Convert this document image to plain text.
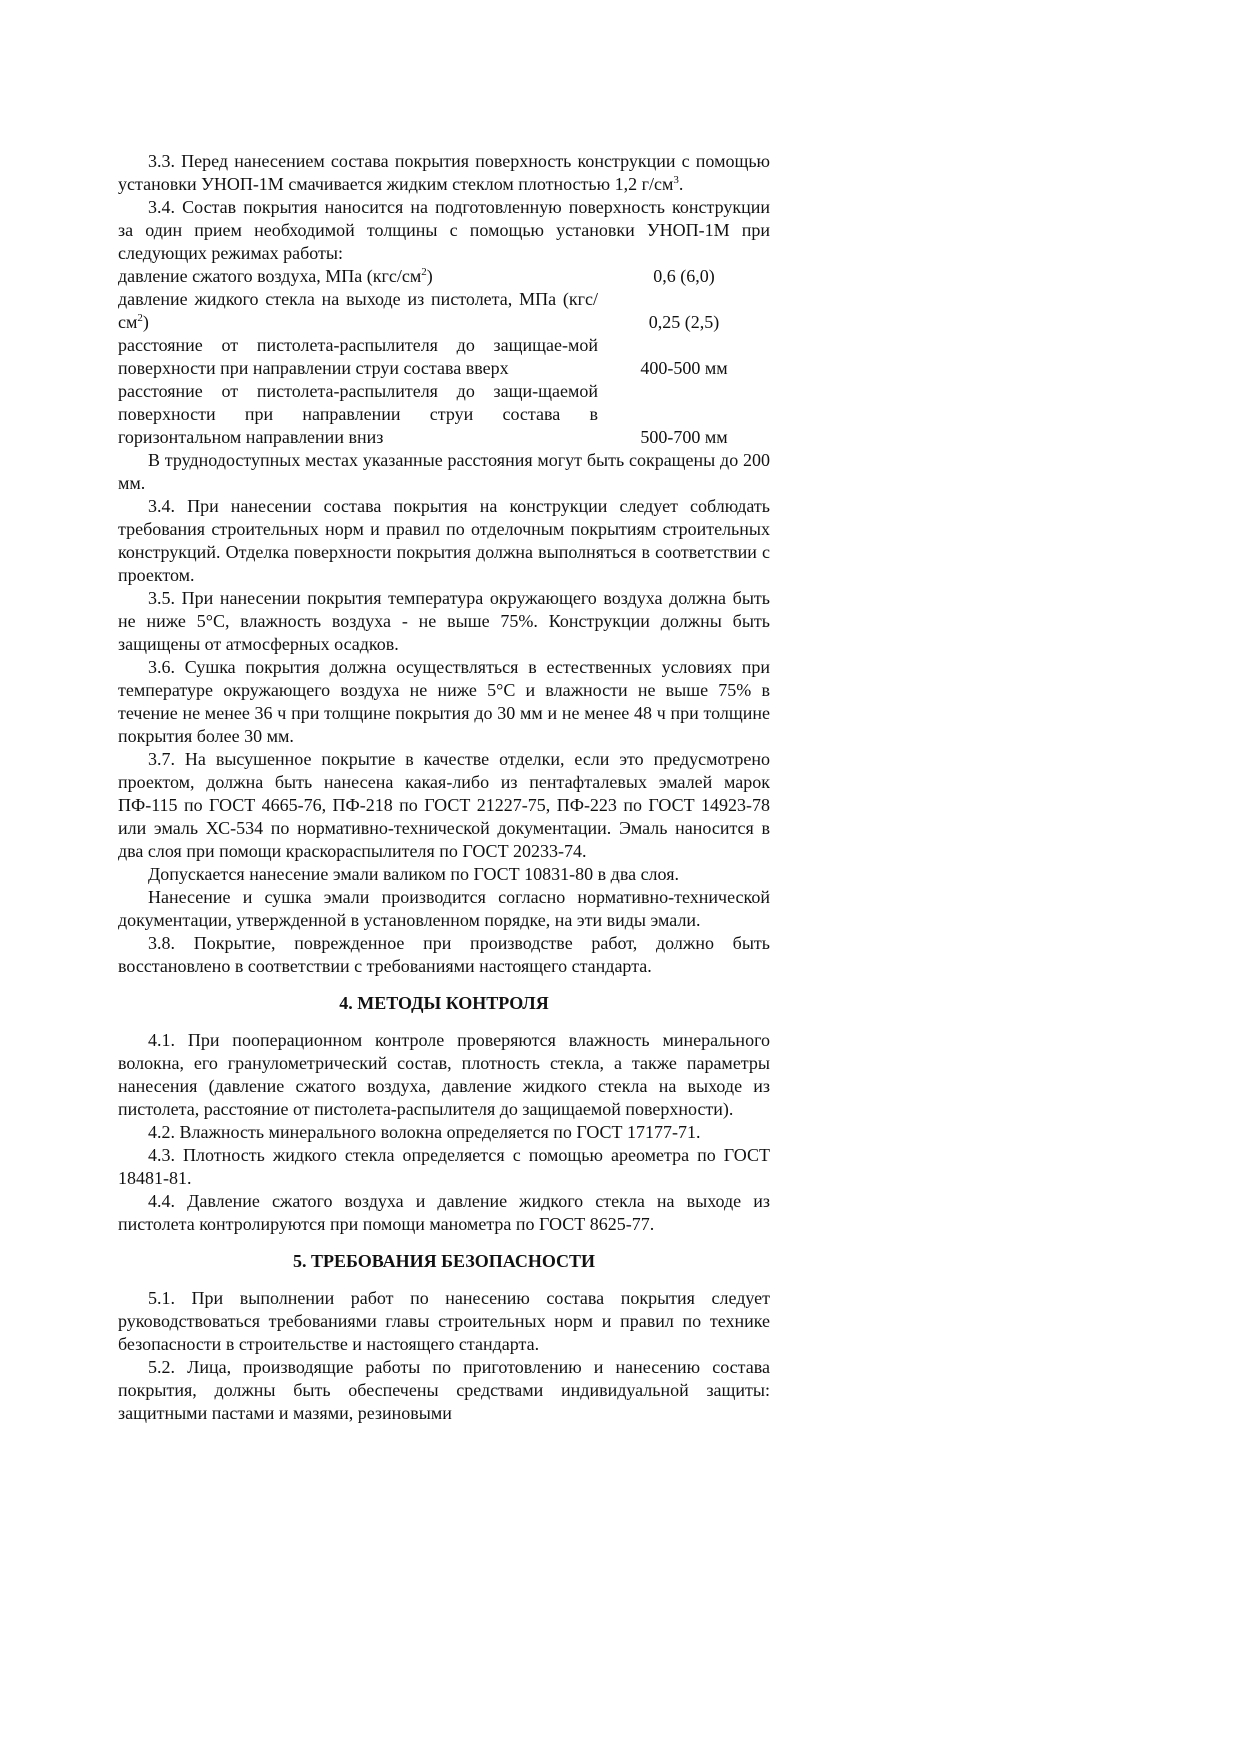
3.3. Перед нанесением состава покрытия поверхность конструкции с помощью установки УНОП-1М смачивается жидким стеклом плотностью 1,2 $г/см^3$.

3.4. Состав покрытия наносится на подготовленную поверхность конструкции за один прием необходимой толщины с помощью установки УНОП-1М при следующих режимах работы:

давление сжатого воздуха, МПа $(кгс/см^2)$	0,6 (6,0)
давление жидкого стекла на выходе из пистолета, МПа $(кгс/см^2)$	0,25 (2,5)
расстояние от пистолета-распылителя до защищае-мой поверхности при направлении струи состава вверх	400-500 мм
расстояние от пистолета-распылителя до защи-щаемой поверхности при направлении струи состава в горизонтальном направлении вниз	500-700 мм

В труднодоступных местах указанные расстояния могут быть сокращены до 200 мм.

3.4. При нанесении состава покрытия на конструкции следует соблюдать требования строительных норм и правил по отделочным покрытиям строительных конструкций. Отделка поверхности покрытия должна выполняться в соответствии с проектом.

3.5. При нанесении покрытия температура окружающего воздуха должна быть не ниже 5°С, влажность воздуха - не выше 75%. Конструкции должны быть защищены от атмосферных осадков.

3.6. Сушка покрытия должна осуществляться в естественных условиях при температуре окружающего воздуха не ниже 5°С и влажности не выше 75% в течение не менее 36 ч при толщине покрытия до 30 мм и не менее 48 ч при толщине покрытия более 30 мм.

3.7. На высушенное покрытие в качестве отделки, если это предусмотрено проектом, должна быть нанесена какая-либо из пентафталевых эмалей марок ПФ-115 по ГОСТ 4665-76, ПФ-218 по ГОСТ 21227-75, ПФ-223 по ГОСТ 14923-78 или эмаль ХС-534 по нормативно-технической документации. Эмаль наносится в два слоя при помощи краскораспылителя по ГОСТ 20233-74.

Допускается нанесение эмали валиком по ГОСТ 10831-80 в два слоя.

Нанесение и сушка эмали производится согласно нормативно-технической документации, утвержденной в установленном порядке, на эти виды эмали.

3.8. Покрытие, поврежденное при производстве работ, должно быть восстановлено в соответствии с требованиями настоящего стандарта.

4. МЕТОДЫ КОНТРОЛЯ

4.1. При пооперационном контроле проверяются влажность минерального волокна, его гранулометрический состав, плотность стекла, а также параметры нанесения (давление сжатого воздуха, давление жидкого стекла на выходе из пистолета, расстояние от пистолета-распылителя до защищаемой поверхности).

4.2. Влажность минерального волокна определяется по ГОСТ 17177-71.

4.3. Плотность жидкого стекла определяется с помощью ареометра по ГОСТ 18481-81.

4.4. Давление сжатого воздуха и давление жидкого стекла на выходе из пистолета контролируются при помощи манометра по ГОСТ 8625-77.

5. ТРЕБОВАНИЯ БЕЗОПАСНОСТИ

5.1. При выполнении работ по нанесению состава покрытия следует руководствоваться требованиями главы строительных норм и правил по технике безопасности в строительстве и настоящего стандарта.

5.2. Лица, производящие работы по приготовлению и нанесению состава покрытия, должны быть обеспечены средствами индивидуальной защиты: защитными пастами и мазями, резиновыми
